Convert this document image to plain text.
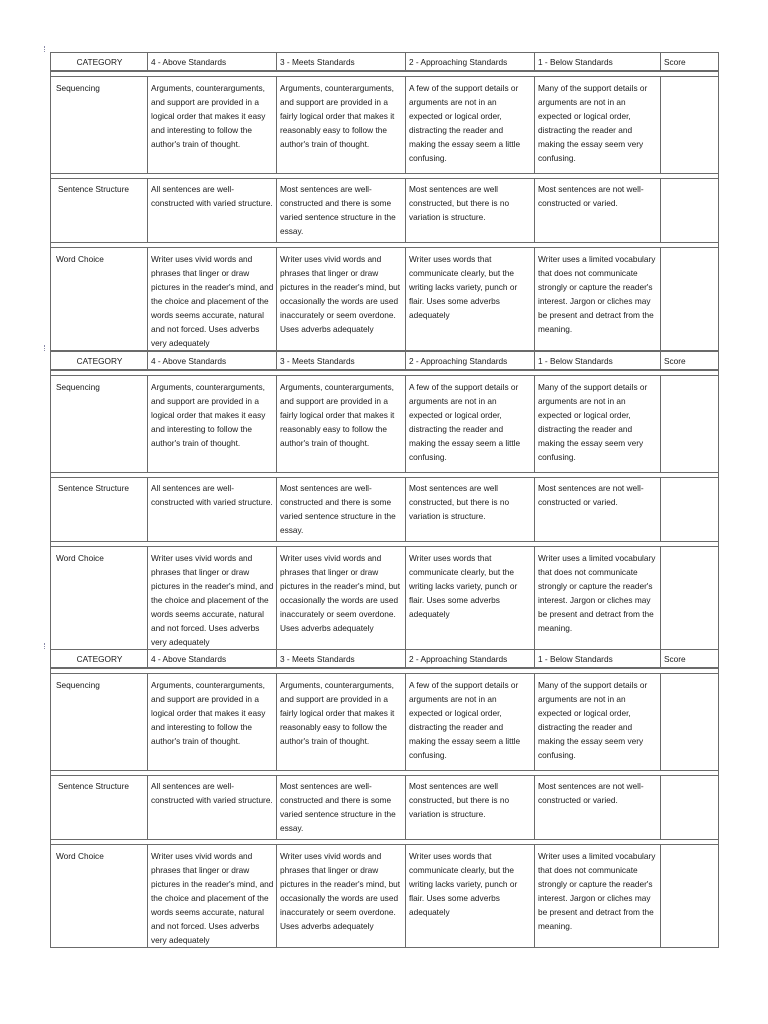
CATEGORY	4 - Above Standards	3 - Meets Standards	2 - Approaching Standards	1 - Below Standards	Score

Sequencing	Arguments, counterarguments, and support are provided in a logical order that makes it easy and interesting to follow the author's train of thought.	Arguments, counterarguments, and support are provided in a fairly logical order that makes it reasonably easy to follow the author's train of thought.	A few of the support details or arguments are not in an expected or logical order, distracting the reader and making the essay seem a little confusing.	Many of the support details or arguments are not in an expected or logical order, distracting the reader and making the essay seem very confusing.	

Sentence Structure	All sentences are well-constructed with varied structure.	Most sentences are well-constructed and there is some varied sentence structure in the essay.	Most sentences are well constructed, but there is no variation is structure.	Most sentences are not well-constructed or varied.	

Word Choice	Writer uses vivid words and phrases that linger or draw pictures in the reader's mind, and the choice and placement of the words seems accurate, natural and not forced. Uses adverbs very adequately	Writer uses vivid words and phrases that linger or draw pictures in the reader's mind, but occasionally the words are used inaccurately or seem overdone. Uses adverbs adequately	Writer uses words that communicate clearly, but the writing lacks variety, punch or flair. Uses some adverbs adequately	Writer uses a limited vocabulary that does not communicate strongly or capture the reader's interest. Jargon or cliches may be present and detract from the meaning.	
CATEGORY	4 - Above Standards	3 - Meets Standards	2 - Approaching Standards	1 - Below Standards	Score

Sequencing	Arguments, counterarguments, and support are provided in a logical order that makes it easy and interesting to follow the author's train of thought.	Arguments, counterarguments, and support are provided in a fairly logical order that makes it reasonably easy to follow the author's train of thought.	A few of the support details or arguments are not in an expected or logical order, distracting the reader and making the essay seem a little confusing.	Many of the support details or arguments are not in an expected or logical order, distracting the reader and making the essay seem very confusing.	

Sentence Structure	All sentences are well-constructed with varied structure.	Most sentences are well-constructed and there is some varied sentence structure in the essay.	Most sentences are well constructed, but there is no variation is structure.	Most sentences are not well-constructed or varied.	

Word Choice	Writer uses vivid words and phrases that linger or draw pictures in the reader's mind, and the choice and placement of the words seems accurate, natural and not forced. Uses adverbs very adequately	Writer uses vivid words and phrases that linger or draw pictures in the reader's mind, but occasionally the words are used inaccurately or seem overdone. Uses adverbs adequately	Writer uses words that communicate clearly, but the writing lacks variety, punch or flair. Uses some adverbs adequately	Writer uses a limited vocabulary that does not communicate strongly or capture the reader's interest. Jargon or cliches may be present and detract from the meaning.	
CATEGORY	4 - Above Standards	3 - Meets Standards	2 - Approaching Standards	1 - Below Standards	Score

Sequencing	Arguments, counterarguments, and support are provided in a logical order that makes it easy and interesting to follow the author's train of thought.	Arguments, counterarguments, and support are provided in a fairly logical order that makes it reasonably easy to follow the author's train of thought.	A few of the support details or arguments are not in an expected or logical order, distracting the reader and making the essay seem a little confusing.	Many of the support details or arguments are not in an expected or logical order, distracting the reader and making the essay seem very confusing.	

Sentence Structure	All sentences are well-constructed with varied structure.	Most sentences are well-constructed and there is some varied sentence structure in the essay.	Most sentences are well constructed, but there is no variation is structure.	Most sentences are not well-constructed or varied.	

Word Choice	Writer uses vivid words and phrases that linger or draw pictures in the reader's mind, and the choice and placement of the words seems accurate, natural and not forced. Uses adverbs very adequately	Writer uses vivid words and phrases that linger or draw pictures in the reader's mind, but occasionally the words are used inaccurately or seem overdone. Uses adverbs adequately	Writer uses words that communicate clearly, but the writing lacks variety, punch or flair. Uses some adverbs adequately	Writer uses a limited vocabulary that does not communicate strongly or capture the reader's interest. Jargon or cliches may be present and detract from the meaning.	
